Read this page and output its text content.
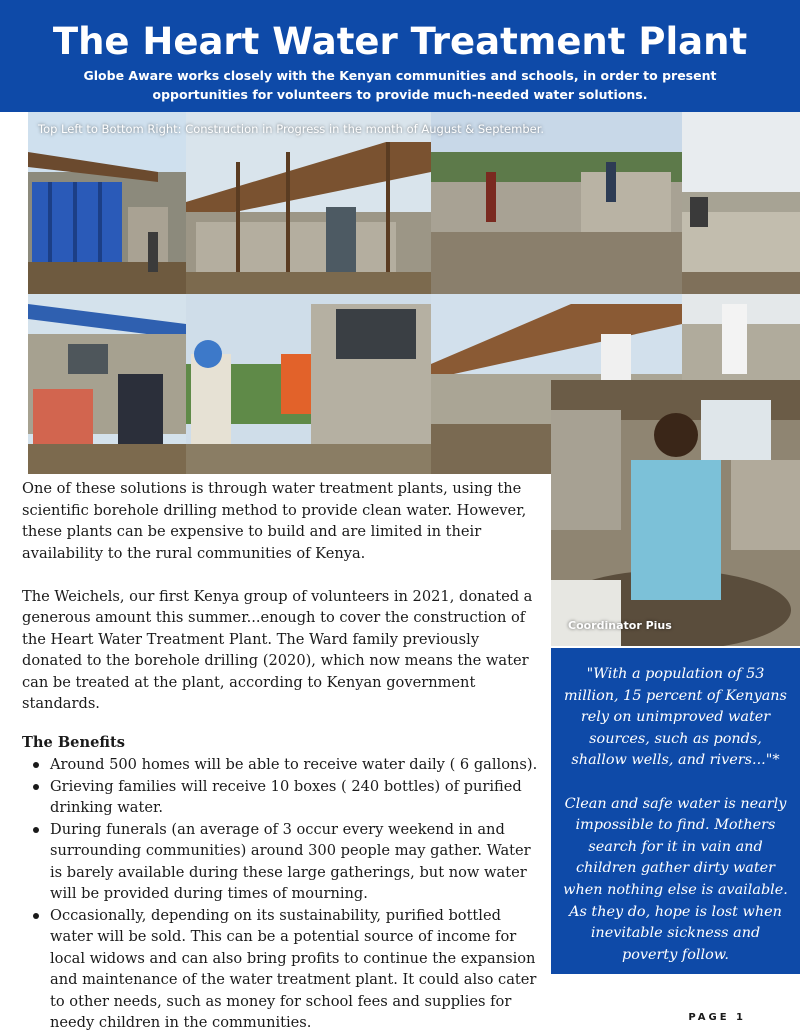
The Heart Water Treatment Plant
Globe Aware works closely with the Kenyan communities and schools, in order to present opportunities for volunteers to provide much-needed water solutions.
Top Left to Bottom Right: Construction in Progress in the month of August & September.
Coordinator Pius

One of these solutions is through water treatment plants, using the scientific borehole drilling method to provide clean water. However, these plants can be expensive to build and are limited in their availability to the rural communities of Kenya.

The Weichels, our first Kenya group of volunteers in 2021, donated a generous amount this summer...enough to cover the construction of the Heart Water Treatment Plant. The Ward family previously donated to the borehole drilling (2020), which now means the water can be treated at the plant, according to Kenyan government standards.

The Benefits
Around 500 homes will be able to receive water daily ( 6 gallons).
Grieving families will receive 10 boxes ( 240 bottles) of purified drinking water.
During funerals (an average of 3 occur every weekend in and surrounding communities) around 300 people may gather. Water is barely available during these large gatherings, but now water will be provided during times of mourning.
Occasionally, depending on its sustainability, purified bottled water will be sold. This can be a potential source of income for local widows and can also bring profits to continue the expansion and maintenance of the water treatment plant. It could also cater to other needs, such as money for school fees and supplies for needy children in the communities.

"With a population of 53 million, 15 percent of Kenyans rely on unimproved water sources, such as ponds, shallow wells, and rivers..."*

Clean and safe water is nearly impossible to find. Mothers search for it in vain and children gather dirty water when nothing else is available. As they do, hope is lost when inevitable sickness and poverty follow.

PAGE 1
